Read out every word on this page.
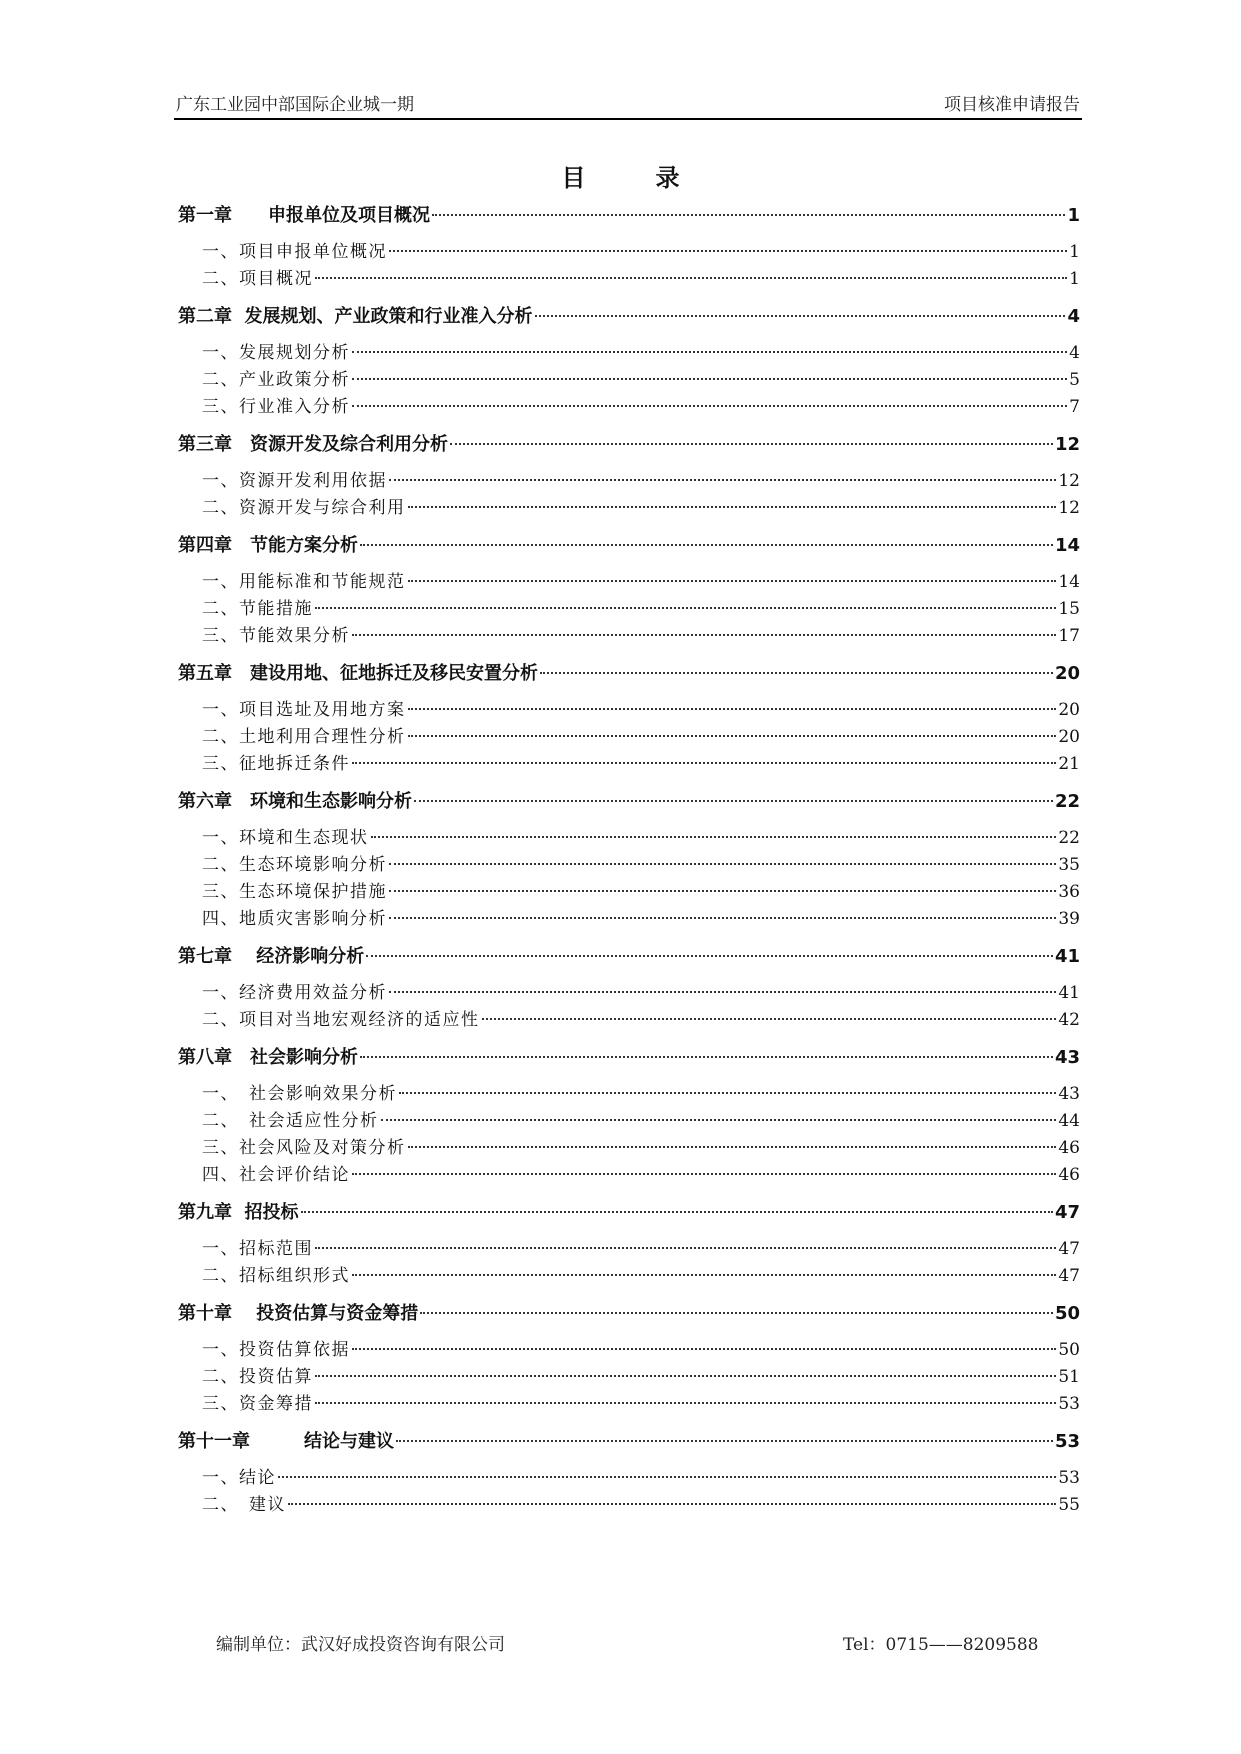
广东工业园中部国际企业城一期	项目核准申请报告
目录
第一章　　申报单位及项目概况	1
一、项目申报单位概况	1
二、项目概况	1
第二章  发展规划、产业政策和行业准入分析	4
一、发展规划分析	4
二、产业政策分析	5
三、行业准入分析	7
第三章　资源开发及综合利用分析	12
一、资源开发利用依据	12
二、资源开发与综合利用	12
第四章　节能方案分析	14
一、用能标准和节能规范	14
二、节能措施	15
三、节能效果分析	17
第五章　建设用地、征地拆迁及移民安置分析	20
一、项目选址及用地方案	20
二、土地利用合理性分析	20
三、征地拆迁条件	21
第六章　环境和生态影响分析	22
一、环境和生态现状	22
二、生态环境影响分析	35
三、生态环境保护措施	36
四、地质灾害影响分析	39
第七章　 经济影响分析	41
一、经济费用效益分析	41
二、项目对当地宏观经济的适应性	42
第八章　社会影响分析	43
一、　社会影响效果分析	43
二、　社会适应性分析	44
三、社会风险及对策分析	46
四、社会评价结论	46
第九章  招投标	47
一、招标范围	47
二、招标组织形式	47
第十章　 投资估算与资金筹措	50
一、投资估算依据	50
二、投资估算	51
三、资金筹措	53
第十一章　　　结论与建议	53
一、结论	53
二、　建议	55
编制单位：武汉好成投资咨询有限公司	Tel：0715——8209588
